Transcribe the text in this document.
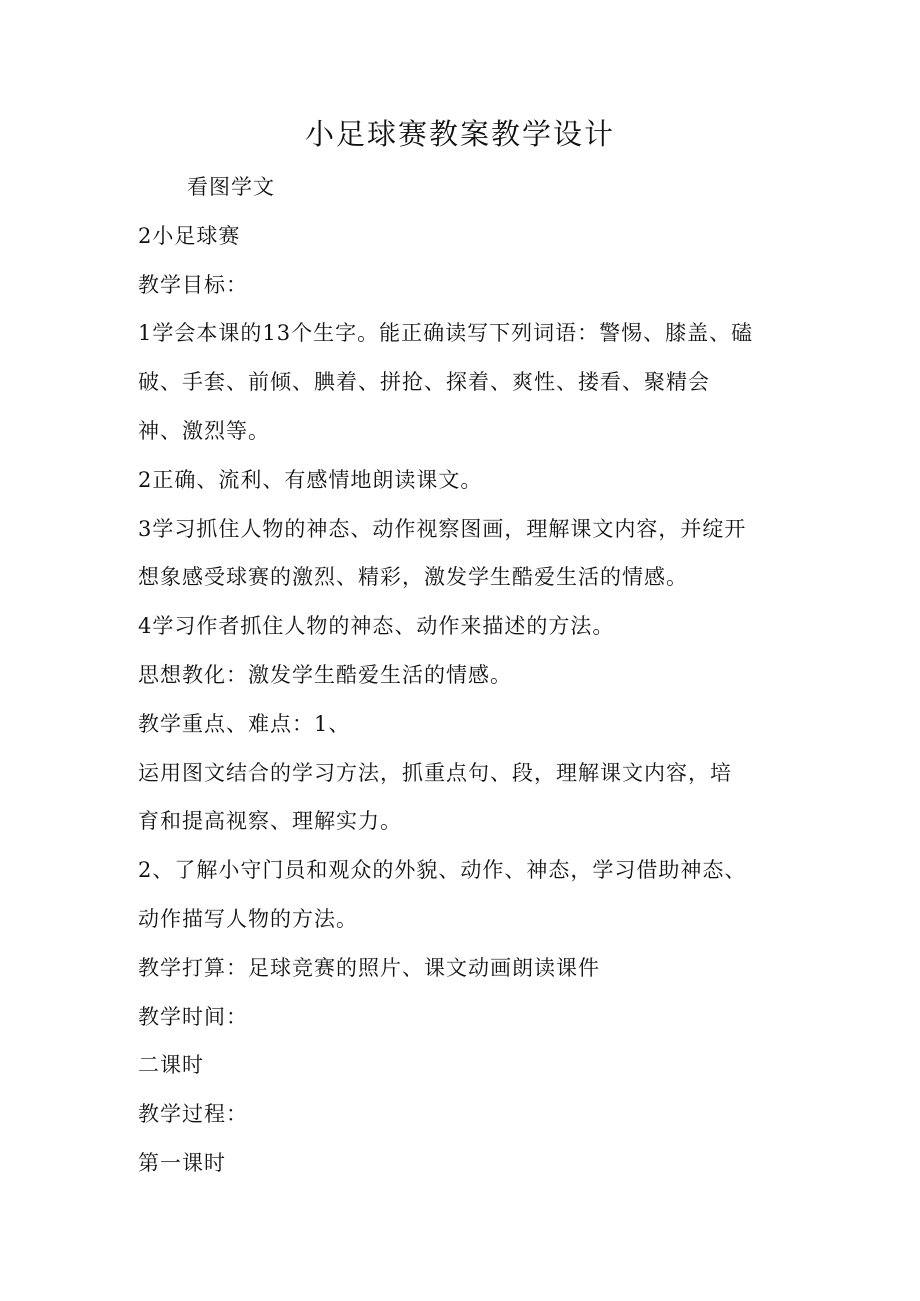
小足球赛教案教学设计

看图学文

2小足球赛

教学目标：

1学会本课的13个生字。能正确读写下列词语：警惕、膝盖、磕

破、手套、前倾、腆着、拼抢、探着、爽性、搂看、聚精会

神、激烈等。

2正确、流利、有感情地朗读课文。

3学习抓住人物的神态、动作视察图画，理解课文内容，并绽开

想象感受球赛的激烈、精彩，激发学生酷爱生活的情感。

4学习作者抓住人物的神态、动作来描述的方法。

思想教化：激发学生酷爱生活的情感。

教学重点、难点：1、

运用图文结合的学习方法，抓重点句、段，理解课文内容，培

育和提高视察、理解实力。

2、了解小守门员和观众的外貌、动作、神态，学习借助神态、

动作描写人物的方法。

教学打算：足球竞赛的照片、课文动画朗读课件

教学时间：

二课时

教学过程：

第一课时
